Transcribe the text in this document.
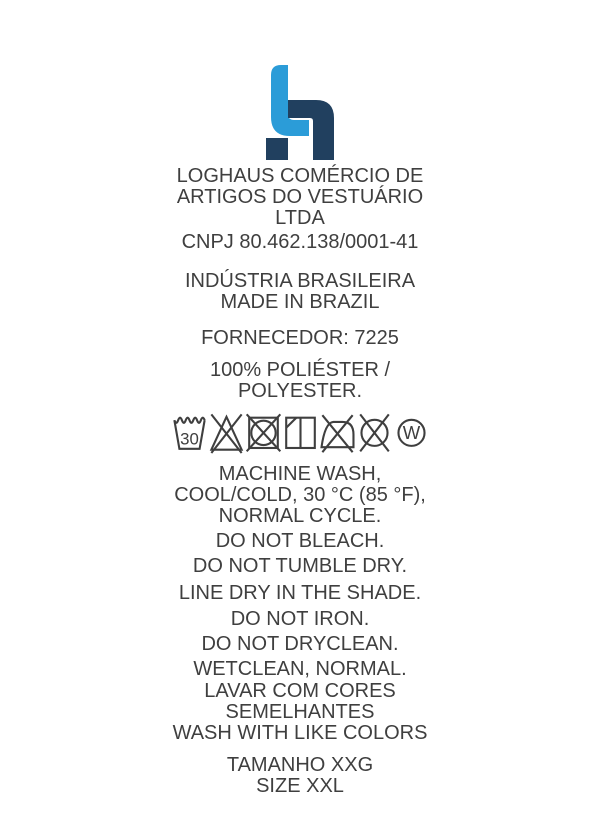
LOGHAUS COMÉRCIO DE
ARTIGOS DO VESTUÁRIO
LTDA
CNPJ 80.462.138/0001-41
INDÚSTRIA BRASILEIRA
MADE IN BRAZIL
FORNECEDOR: 7225
100% POLIÉSTER /
POLYESTER.
30	W
MACHINE WASH,
COOL/COLD, 30 °C (85 °F),
NORMAL CYCLE.
DO NOT BLEACH.
DO NOT TUMBLE DRY.
LINE DRY IN THE SHADE.
DO NOT IRON.
DO NOT DRYCLEAN.
WETCLEAN, NORMAL.
LAVAR COM CORES
SEMELHANTES
WASH WITH LIKE COLORS
TAMANHO XXG
SIZE XXL
